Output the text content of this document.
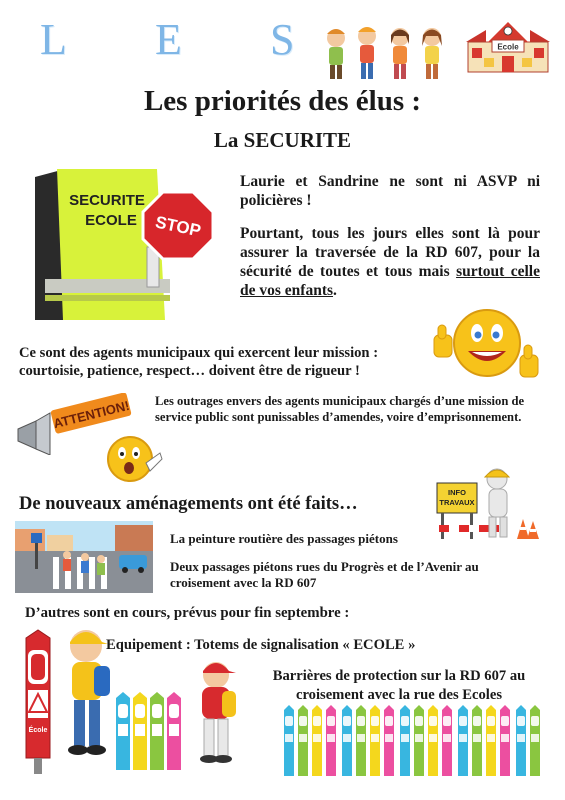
L E S	Ecole
Les priorités des élus :
La SECURITE
SECURITE
ECOLE STOP
Laurie et Sandrine ne sont ni ASVP ni policières !
Pourtant, tous les jours elles sont là pour assurer la traversée de la RD 607, pour la sécurité de toutes et tous mais surtout celle de vos enfants.
Ce sont des agents municipaux qui exercent leur mission : courtoisie, patience, respect… doivent être de rigueur !
ATTENTION! Les outrages envers des agents municipaux chargés d’une mission de service public sont punissables d’amendes, voire d’emprisonnement.
INFO
TRAVAUX
De nouveaux aménagements ont été faits…
La peinture routière des passages piétons
Deux passages piétons rues du Progrès et de l’Avenir au croisement avec la RD 607
D’autres sont en cours, prévus pour fin septembre :
École
Equipement : Totems de signalisation « ECOLE »
Barrières de protection sur la RD 607 au croisement avec la rue des Ecoles
